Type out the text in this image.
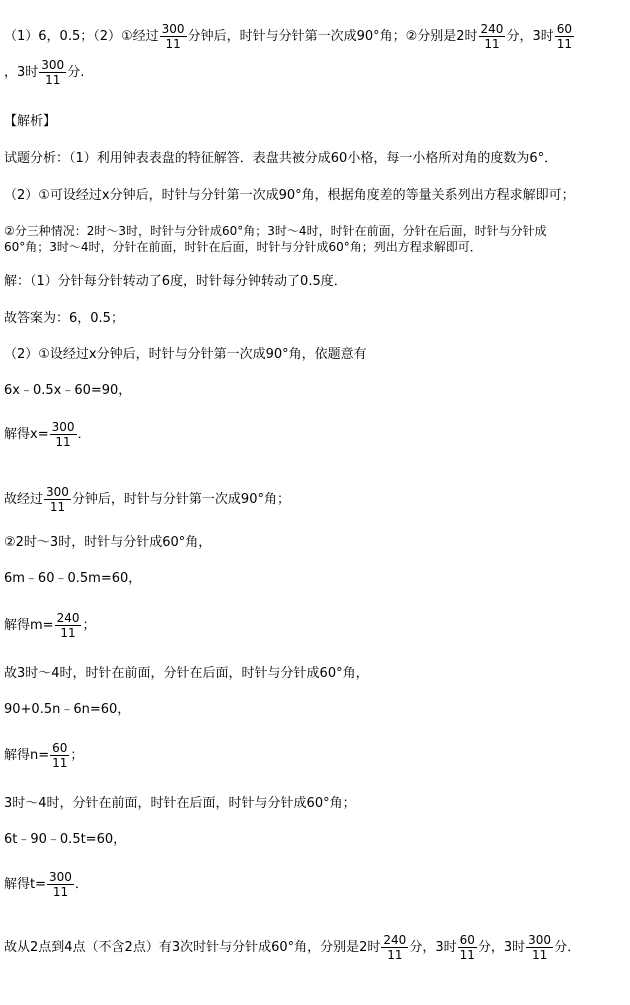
（1）6，0.5；（2）①经过 $\frac{300}{11}$ 分钟后，时针与分针第一次成90°角；②分别是2时 $\frac{240}{11}$ 分，3时 $\frac{60}{11}$
，3时 $\frac{300}{11}$ 分.
【解析】
试题分析：（1）利用钟表表盘的特征解答．表盘共被分成60小格，每一小格所对角的度数为6°．
（2）①可设经过x分钟后，时针与分针第一次成90°角，根据角度差的等量关系列出方程求解即可；
②分三种情况：2时～3时，时针与分针成60°角；3时～4时，时针在前面，分针在后面，时针与分针成
60°角；3时～4时，分针在前面，时针在后面，时针与分针成60°角；列出方程求解即可．
解：（1）分针每分针转动了6度，时针每分钟转动了0.5度．
故答案为：6，0.5；
（2）①设经过x分钟后，时针与分针第一次成90°角，依题意有
6x﹣0.5x﹣60=90，
解得$x= \frac{300}{11}$ ．
故经过 $\frac{300}{11}$ 分钟后，时针与分针第一次成90°角；
②2时～3时，时针与分针成60°角，
6m﹣60﹣0.5m=60，
解得$m= \frac{240}{11}$ ；
故3时～4时，时针在前面，分针在后面，时针与分针成60°角，
90+0.5n﹣6n=60，
解得$n= \frac{60}{11}$ ；
3时～4时，分针在前面，时针在后面，时针与分针成60°角；
6t﹣90﹣0.5t=60，
解得$t= \frac{300}{11}$ ．
故从2点到4点（不含2点）有3次时针与分针成60°角，分别是2时 $\frac{240}{11}$ 分，3时 $\frac{60}{11}$ 分，3时 $\frac{300}{11}$ 分．
